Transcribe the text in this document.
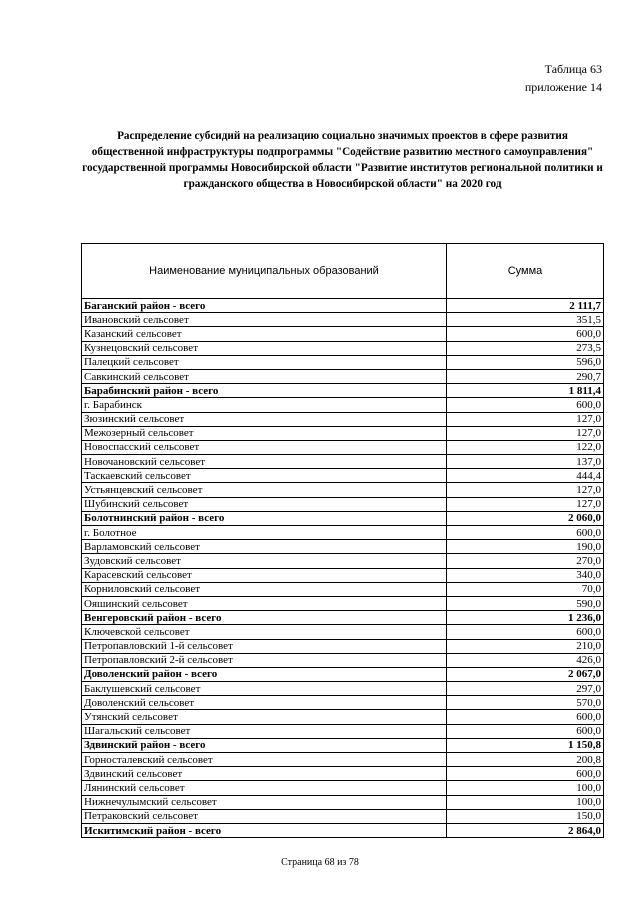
Таблица 63
приложение 14
Распределение субсидий на реализацию социально значимых проектов в сфере развития общественной инфраструктуры подпрограммы "Содействие развитию местного самоуправления" государственной программы Новосибирской области "Развитие институтов региональной политики и гражданского общества в Новосибирской области" на 2020 год
Наименование муниципальных образований	Сумма
Баганский район - всего	2 111,7
Ивановский сельсовет	351,5
Казанский сельсовет	600,0
Кузнецовский сельсовет	273,5
Палецкий сельсовет	596,0
Савкинский сельсовет	290,7
Барабинский район - всего	1 811,4
г. Барабинск	600,0
Зюзинский сельсовет	127,0
Межозерный сельсовет	127,0
Новоспасский сельсовет	122,0
Новочановский сельсовет	137,0
Таскаевский сельсовет	444,4
Устьянцевский сельсовет	127,0
Шубинский сельсовет	127,0
Болотнинский район - всего	2 060,0
г. Болотное	600,0
Варламовский сельсовет	190,0
Зудовский сельсовет	270,0
Карасевский сельсовет	340,0
Корниловский сельсовет	70,0
Ояшинский сельсовет	590,0
Венгеровский район - всего	1 236,0
Ключевской сельсовет	600,0
Петропавловский 1-й сельсовет	210,0
Петропавловский 2-й сельсовет	426,0
Доволенский район - всего	2 067,0
Баклушевский сельсовет	297,0
Доволенский сельсовет	570,0
Утянский сельсовет	600,0
Шагальский сельсовет	600,0
Здвинский район - всего	1 150,8
Горносталевский сельсовет	200,8
Здвинский сельсовет	600,0
Лянинский сельсовет	100,0
Нижнечулымский сельсовет	100,0
Петраковский сельсовет	150,0
Искитимский район - всего	2 864,0
Страница 68 из 78
